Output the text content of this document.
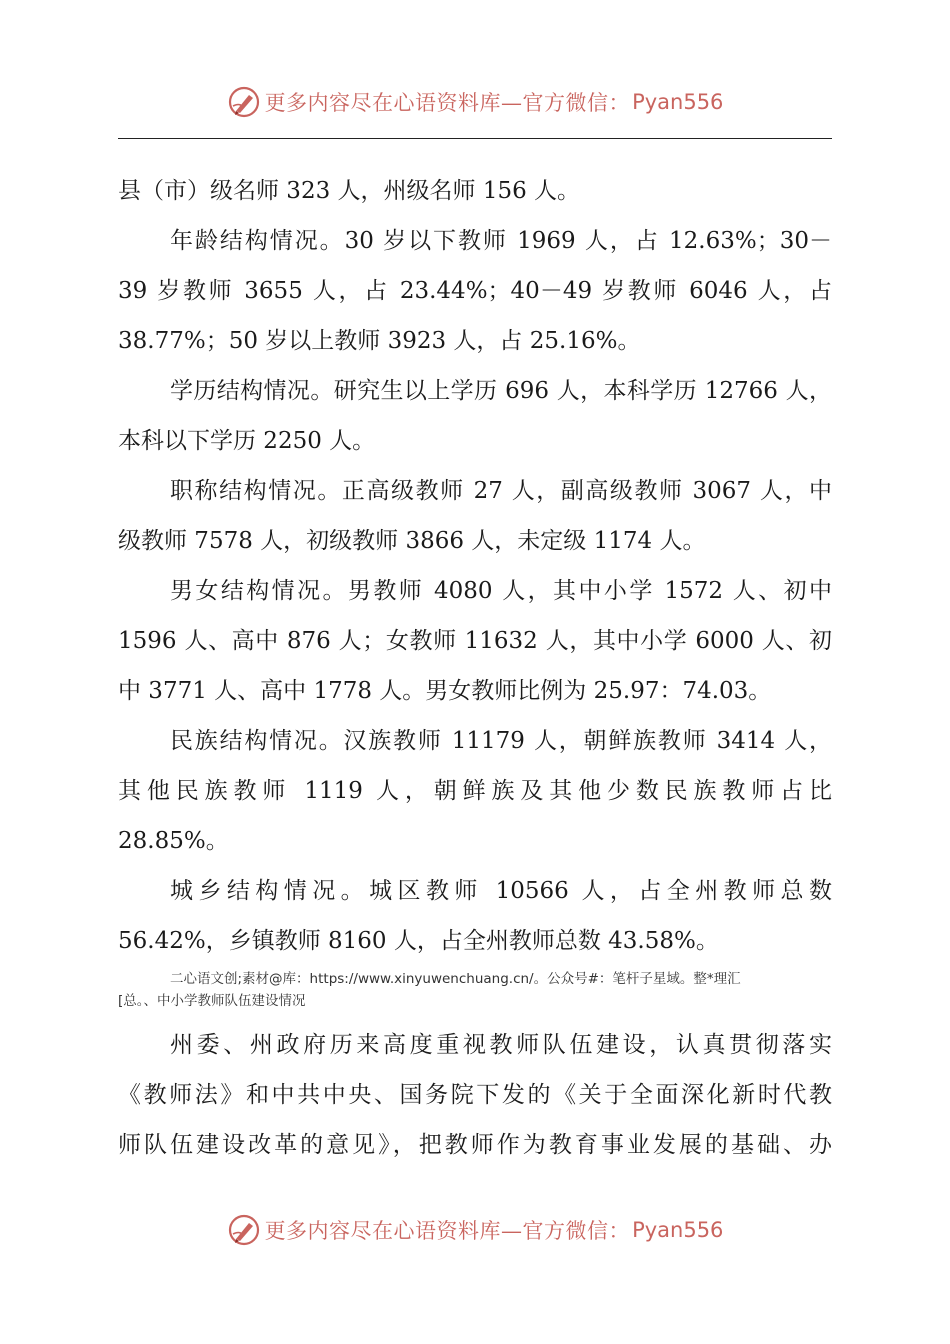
更多内容尽在心语资料库—官方微信： Pyan556
县（市）级名师 323 人，州级名师 156 人。
年龄结构情况。30 岁以下教师 1969 人，占 12.63%；30－
39 岁教师 3655 人，占 23.44%；40－49 岁教师 6046 人，占
38.77%；50 岁以上教师 3923 人，占 25.16%。
学历结构情况。研究生以上学历 696 人，本科学历 12766 人，
本科以下学历 2250 人。
职称结构情况。正高级教师 27 人，副高级教师 3067 人，中
级教师 7578 人，初级教师 3866 人，未定级 1174 人。
男女结构情况。男教师 4080 人，其中小学 1572 人、初中
1596 人、高中 876 人；女教师 11632 人，其中小学 6000 人、初
中 3771 人、高中 1778 人。男女教师比例为 25.97：74.03。
民族结构情况。汉族教师 11179 人，朝鲜族教师 3414 人，
其他民族教师 1119 人，朝鲜族及其他少数民族教师占比
28.85%。
城乡结构情况。城区教师 10566 人，占全州教师总数
56.42%，乡镇教师 8160 人，占全州教师总数 43.58%。
二心语文创;素材@库：https://www.xinyuwenchuang.cn/。公众号#：笔杆子星域。整*理汇
[总。、中小学教师队伍建设情况
州委、州政府历来高度重视教师队伍建设，认真贯彻落实
《教师法》和中共中央、国务院下发的《关于全面深化新时代教
师队伍建设改革的意见》，把教师作为教育事业发展的基础、办
更多内容尽在心语资料库—官方微信： Pyan556
